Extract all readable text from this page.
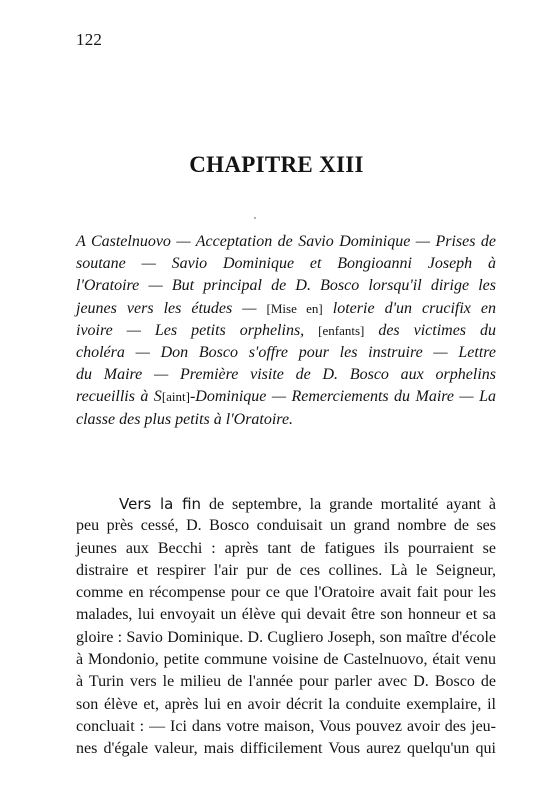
122
CHAPITRE XIII
A Castelnuovo — Acceptation de Savio Dominique — Prises de
soutane — Savio Dominique et Bongioanni Joseph à
l'Oratoire — But principal de D. Bosco lorsqu'il dirige les
jeunes vers les études — [Mise en] loterie d'un crucifix en
ivoire — Les petits orphelins, [enfants] des victimes du
choléra — Don Bosco s'offre pour les instruire — Lettre
du Maire — Première visite de D. Bosco aux orphelins
recueillis à S[aint]-Dominique — Remerciements du Maire — La
classe des plus petits à l'Oratoire.
Vers la fin de septembre, la grande mortalité ayant à
peu près cessé, D. Bosco conduisait un grand nombre de ses
jeunes aux Becchi : après tant de fatigues ils pourraient se
distraire et respirer l'air pur de ces collines. Là le Seigneur,
comme en récompense pour ce que l'Oratoire avait fait pour les
malades, lui envoyait un élève qui devait être son honneur et sa
gloire : Savio Dominique. D. Cugliero Joseph, son maître d'école
à Mondonio, petite commune voisine de Castelnuovo, était venu
à Turin vers le milieu de l'année pour parler avec D. Bosco de
son élève et, après lui en avoir décrit la conduite exemplaire, il
concluait : — Ici dans votre maison, Vous pouvez avoir des jeu-
nes d'égale valeur, mais difficilement Vous aurez quelqu'un qui
